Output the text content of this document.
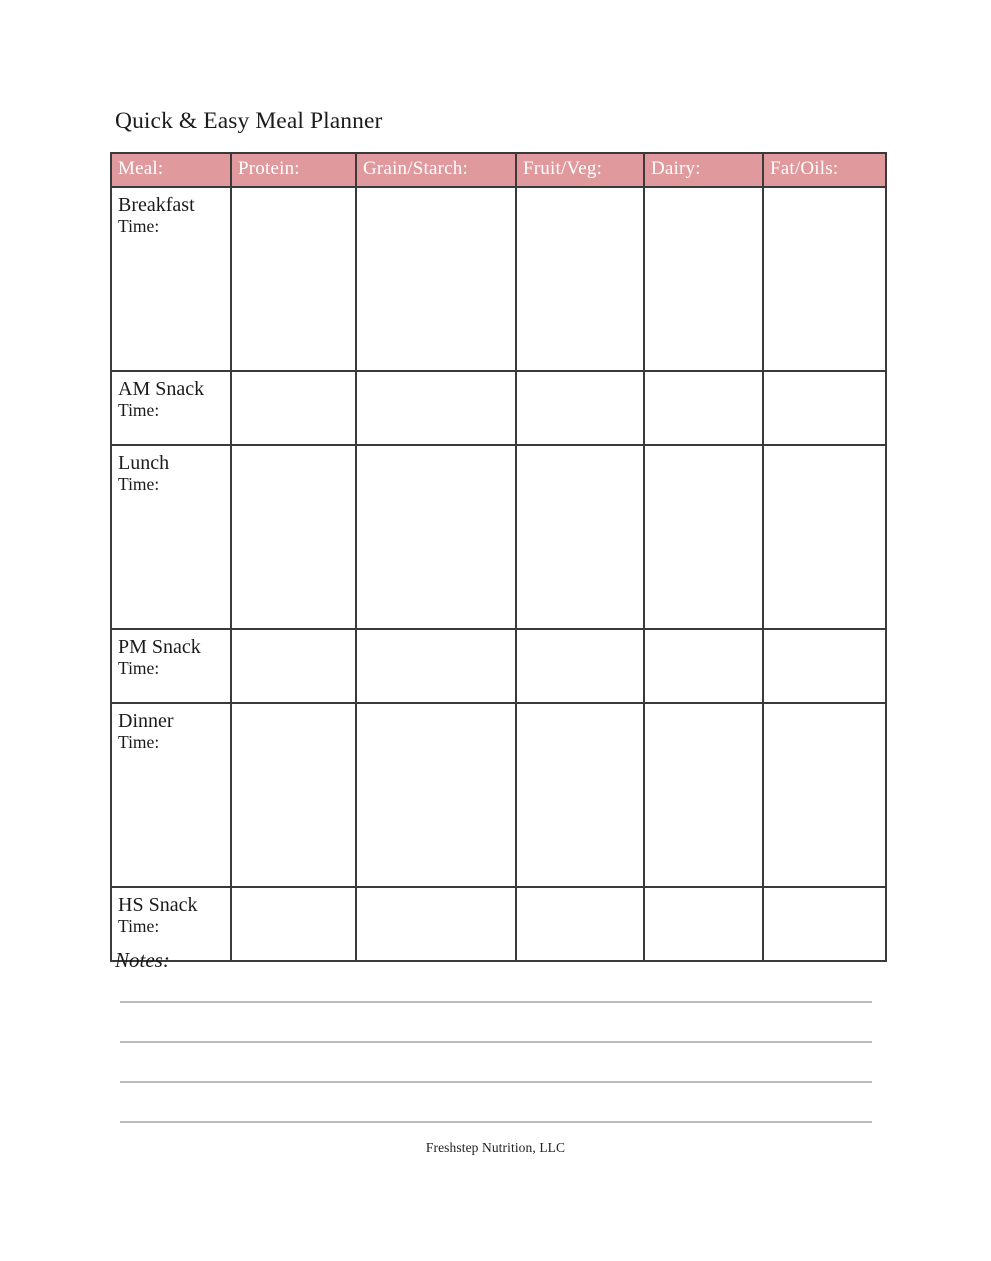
Quick & Easy Meal Planner
Meal:	Protein:	Grain/Starch:	Fruit/Veg:	Dairy:	Fat/Oils:

Breakfast
Time:					

AM Snack
Time:					

Lunch
Time:					

PM Snack
Time:					

Dinner
Time:					

HS Snack
Time:					

Notes:
Freshstep Nutrition, LLC
